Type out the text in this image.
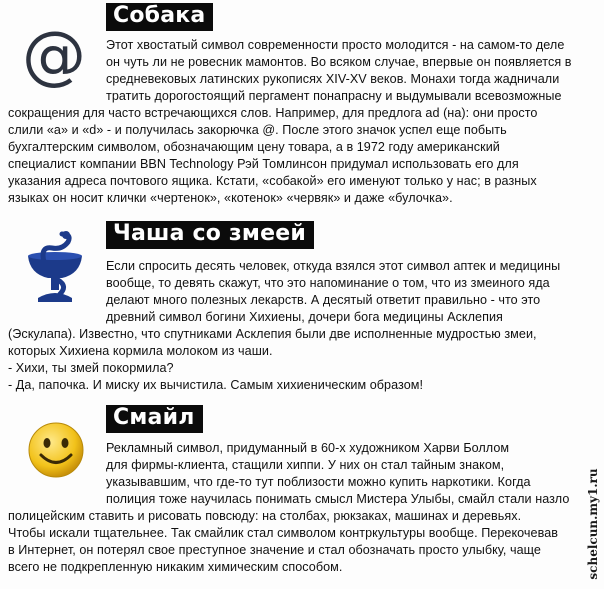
Собака
@ Этот хвостатый символ современности просто молодится - на самом-то деле
он чуть ли не ровесник мамонтов. Во всяком случае, впервые он появляется в
средневековых латинских рукописях XIV-XV веков. Монахи тогда жадничали
тратить дорогостоящий пергамент понапрасну и выдумывали всевозможные
сокращения для часто встречающихся слов. Например, для предлога ad (на): они просто
слили «a» и «d» - и получилась закорючка @. После этого значок успел еще побыть
бухгалтерским символом, обозначающим цену товара, а в 1972 году американский
специалист компании BBN Technology Рэй Томлинсон придумал использовать его для
указания адреса почтового ящика. Кстати, «собакой» его именуют только у нас; в разных
языках он носит клички «чертенок», «котенок» «червяк» и даже «булочка».
Чаша со змеей
Если спросить десять человек, откуда взялся этот символ аптек и медицины
вообще, то девять скажут, что это напоминание о том, что из змеиного яда
делают много полезных лекарств. А десятый ответит правильно - что это
древний символ богини Хихиены, дочери бога медицины Асклепия
(Эскулапа). Известно, что спутниками Асклепия были две исполненные мудростью змеи,
которых Хихиена кормила молоком из чаши.
- Хихи, ты змей покормила?
- Да, папочка. И миску их вычистила. Самым хихиеническим образом!
Смайл
Рекламный символ, придуманный в 60-х художником Харви Боллом
для фирмы-клиента, стащили хиппи. У них он стал тайным знаком,
указывавшим, что где-то тут поблизости можно купить наркотики. Когда
полиция тоже научилась понимать смысл Мистера Улыбы, смайл стали назло
полицейским ставить и рисовать повсюду: на столбах, рюкзаках, машинах и деревьях.
Чтобы искали тщательнее. Так смайлик стал символом контркультуры вообще. Перекочевав
в Интернет, он потерял свое преступное значение и стал обозначать просто улыбку, чаще
всего не подкрепленную никаким химическим способом.	schelcun.my1.ru
